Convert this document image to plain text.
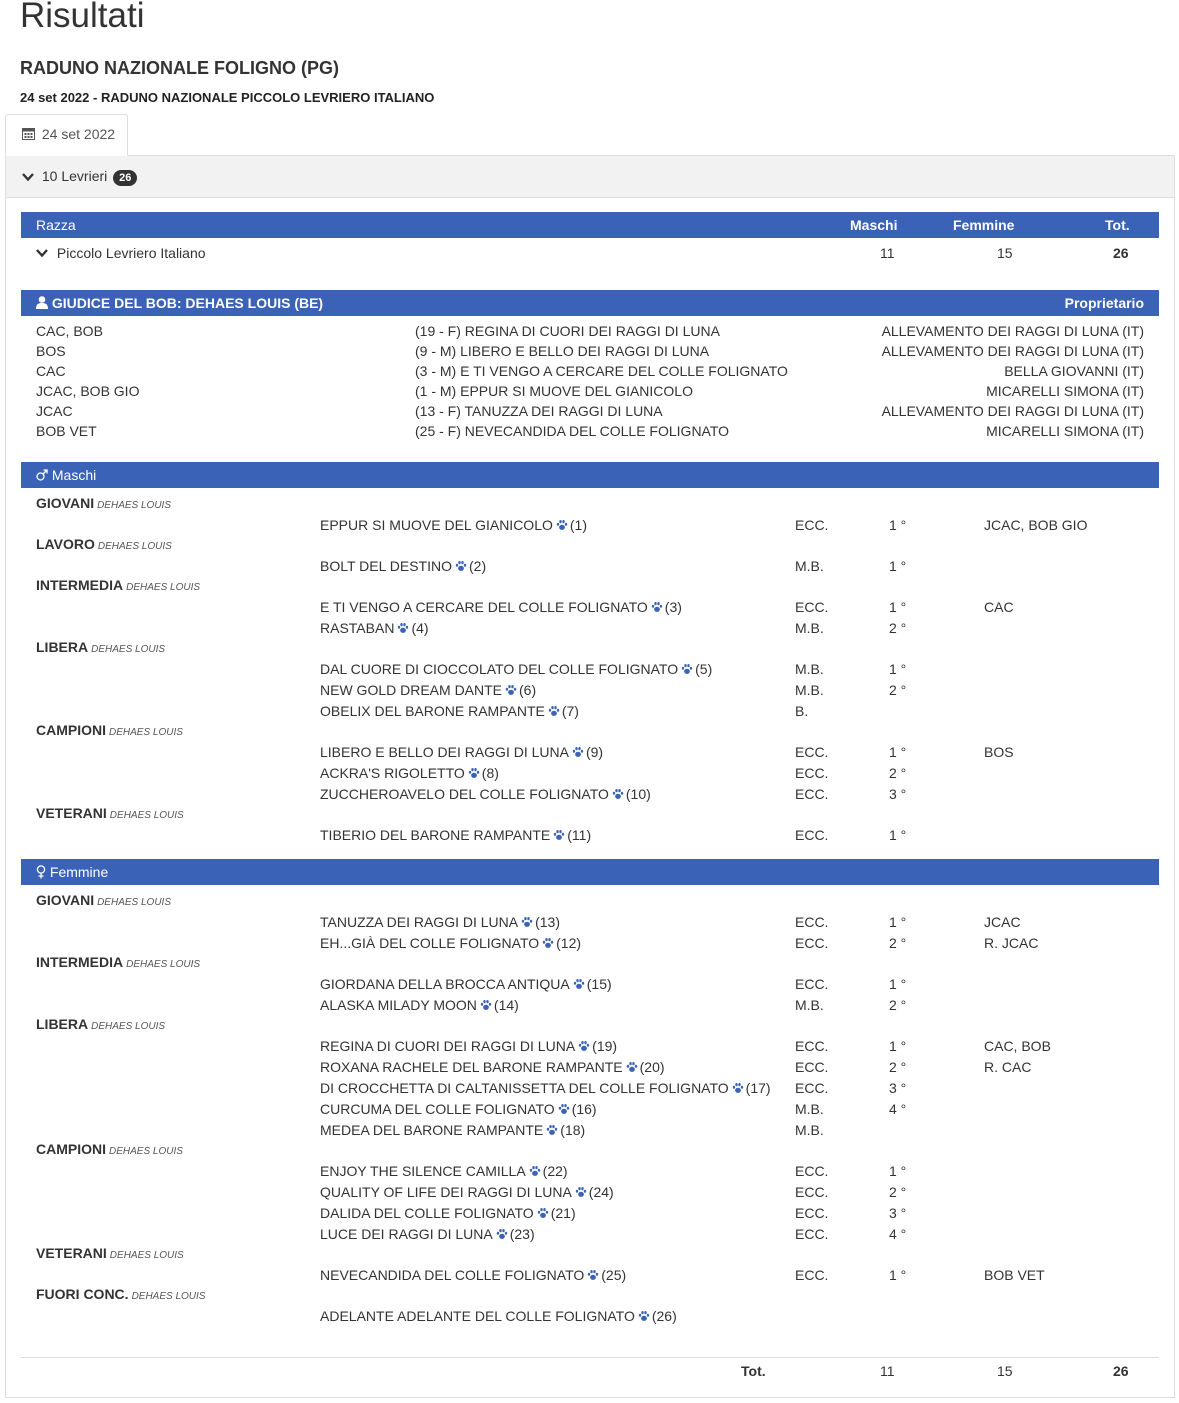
Risultati
RADUNO NAZIONALE FOLIGNO (PG)
24 set 2022 - RADUNO NAZIONALE PICCOLO LEVRIERO ITALIANO
24 set 2022
10 Levrieri 26
Razza	Maschi	Femmine	Tot.
Piccolo Levriero Italiano	11	15	26
GIUDICE DEL BOB: DEHAES LOUIS (BE)	Proprietario
CAC, BOB	(19 - F) REGINA DI CUORI DEI RAGGI DI LUNA	ALLEVAMENTO DEI RAGGI DI LUNA (IT)
BOS	(9 - M) LIBERO E BELLO DEI RAGGI DI LUNA	ALLEVAMENTO DEI RAGGI DI LUNA (IT)
CAC	(3 - M) E TI VENGO A CERCARE DEL COLLE FOLIGNATO	BELLA GIOVANNI (IT)
JCAC, BOB GIO	(1 - M) EPPUR SI MUOVE DEL GIANICOLO	MICARELLI SIMONA (IT)
JCAC	(13 - F) TANUZZA DEI RAGGI DI LUNA	ALLEVAMENTO DEI RAGGI DI LUNA (IT)
BOB VET	(25 - F) NEVECANDIDA DEL COLLE FOLIGNATO	MICARELLI SIMONA (IT)
Maschi
GIOVANI DEHAES LOUIS
EPPUR SI MUOVE DEL GIANICOLO (1)	ECC.	1 °	JCAC, BOB GIO
LAVORO DEHAES LOUIS
BOLT DEL DESTINO (2)	M.B.	1 °
INTERMEDIA DEHAES LOUIS
E TI VENGO A CERCARE DEL COLLE FOLIGNATO (3)	ECC.	1 °	CAC
RASTABAN (4)	M.B.	2 °
LIBERA DEHAES LOUIS
DAL CUORE DI CIOCCOLATO DEL COLLE FOLIGNATO (5)	M.B.	1 °
NEW GOLD DREAM DANTE (6)	M.B.	2 °
OBELIX DEL BARONE RAMPANTE (7)	B.
CAMPIONI DEHAES LOUIS
LIBERO E BELLO DEI RAGGI DI LUNA (9)	ECC.	1 °	BOS
ACKRA'S RIGOLETTO (8)	ECC.	2 °
ZUCCHEROAVELO DEL COLLE FOLIGNATO (10)	ECC.	3 °
VETERANI DEHAES LOUIS
TIBERIO DEL BARONE RAMPANTE (11)	ECC.	1 °
Femmine
GIOVANI DEHAES LOUIS
TANUZZA DEI RAGGI DI LUNA (13)	ECC.	1 °	JCAC
EH...GIÀ DEL COLLE FOLIGNATO (12)	ECC.	2 °	R. JCAC
INTERMEDIA DEHAES LOUIS
GIORDANA DELLA BROCCA ANTIQUA (15)	ECC.	1 °
ALASKA MILADY MOON (14)	M.B.	2 °
LIBERA DEHAES LOUIS
REGINA DI CUORI DEI RAGGI DI LUNA (19)	ECC.	1 °	CAC, BOB
ROXANA RACHELE DEL BARONE RAMPANTE (20)	ECC.	2 °	R. CAC
DI CROCCHETTA DI CALTANISSETTA DEL COLLE FOLIGNATO (17) ECC.	3 °
CURCUMA DEL COLLE FOLIGNATO (16)	M.B.	4 °
MEDEA DEL BARONE RAMPANTE (18)	M.B.
CAMPIONI DEHAES LOUIS
ENJOY THE SILENCE CAMILLA (22)	ECC.	1 °
QUALITY OF LIFE DEI RAGGI DI LUNA (24)	ECC.	2 °
DALIDA DEL COLLE FOLIGNATO (21)	ECC.	3 °
LUCE DEI RAGGI DI LUNA (23)	ECC.	4 °
VETERANI DEHAES LOUIS
NEVECANDIDA DEL COLLE FOLIGNATO (25)	ECC.	1 °	BOB VET
FUORI CONC. DEHAES LOUIS
ADELANTE ADELANTE DEL COLLE FOLIGNATO (26)
Tot.	11	15	26
